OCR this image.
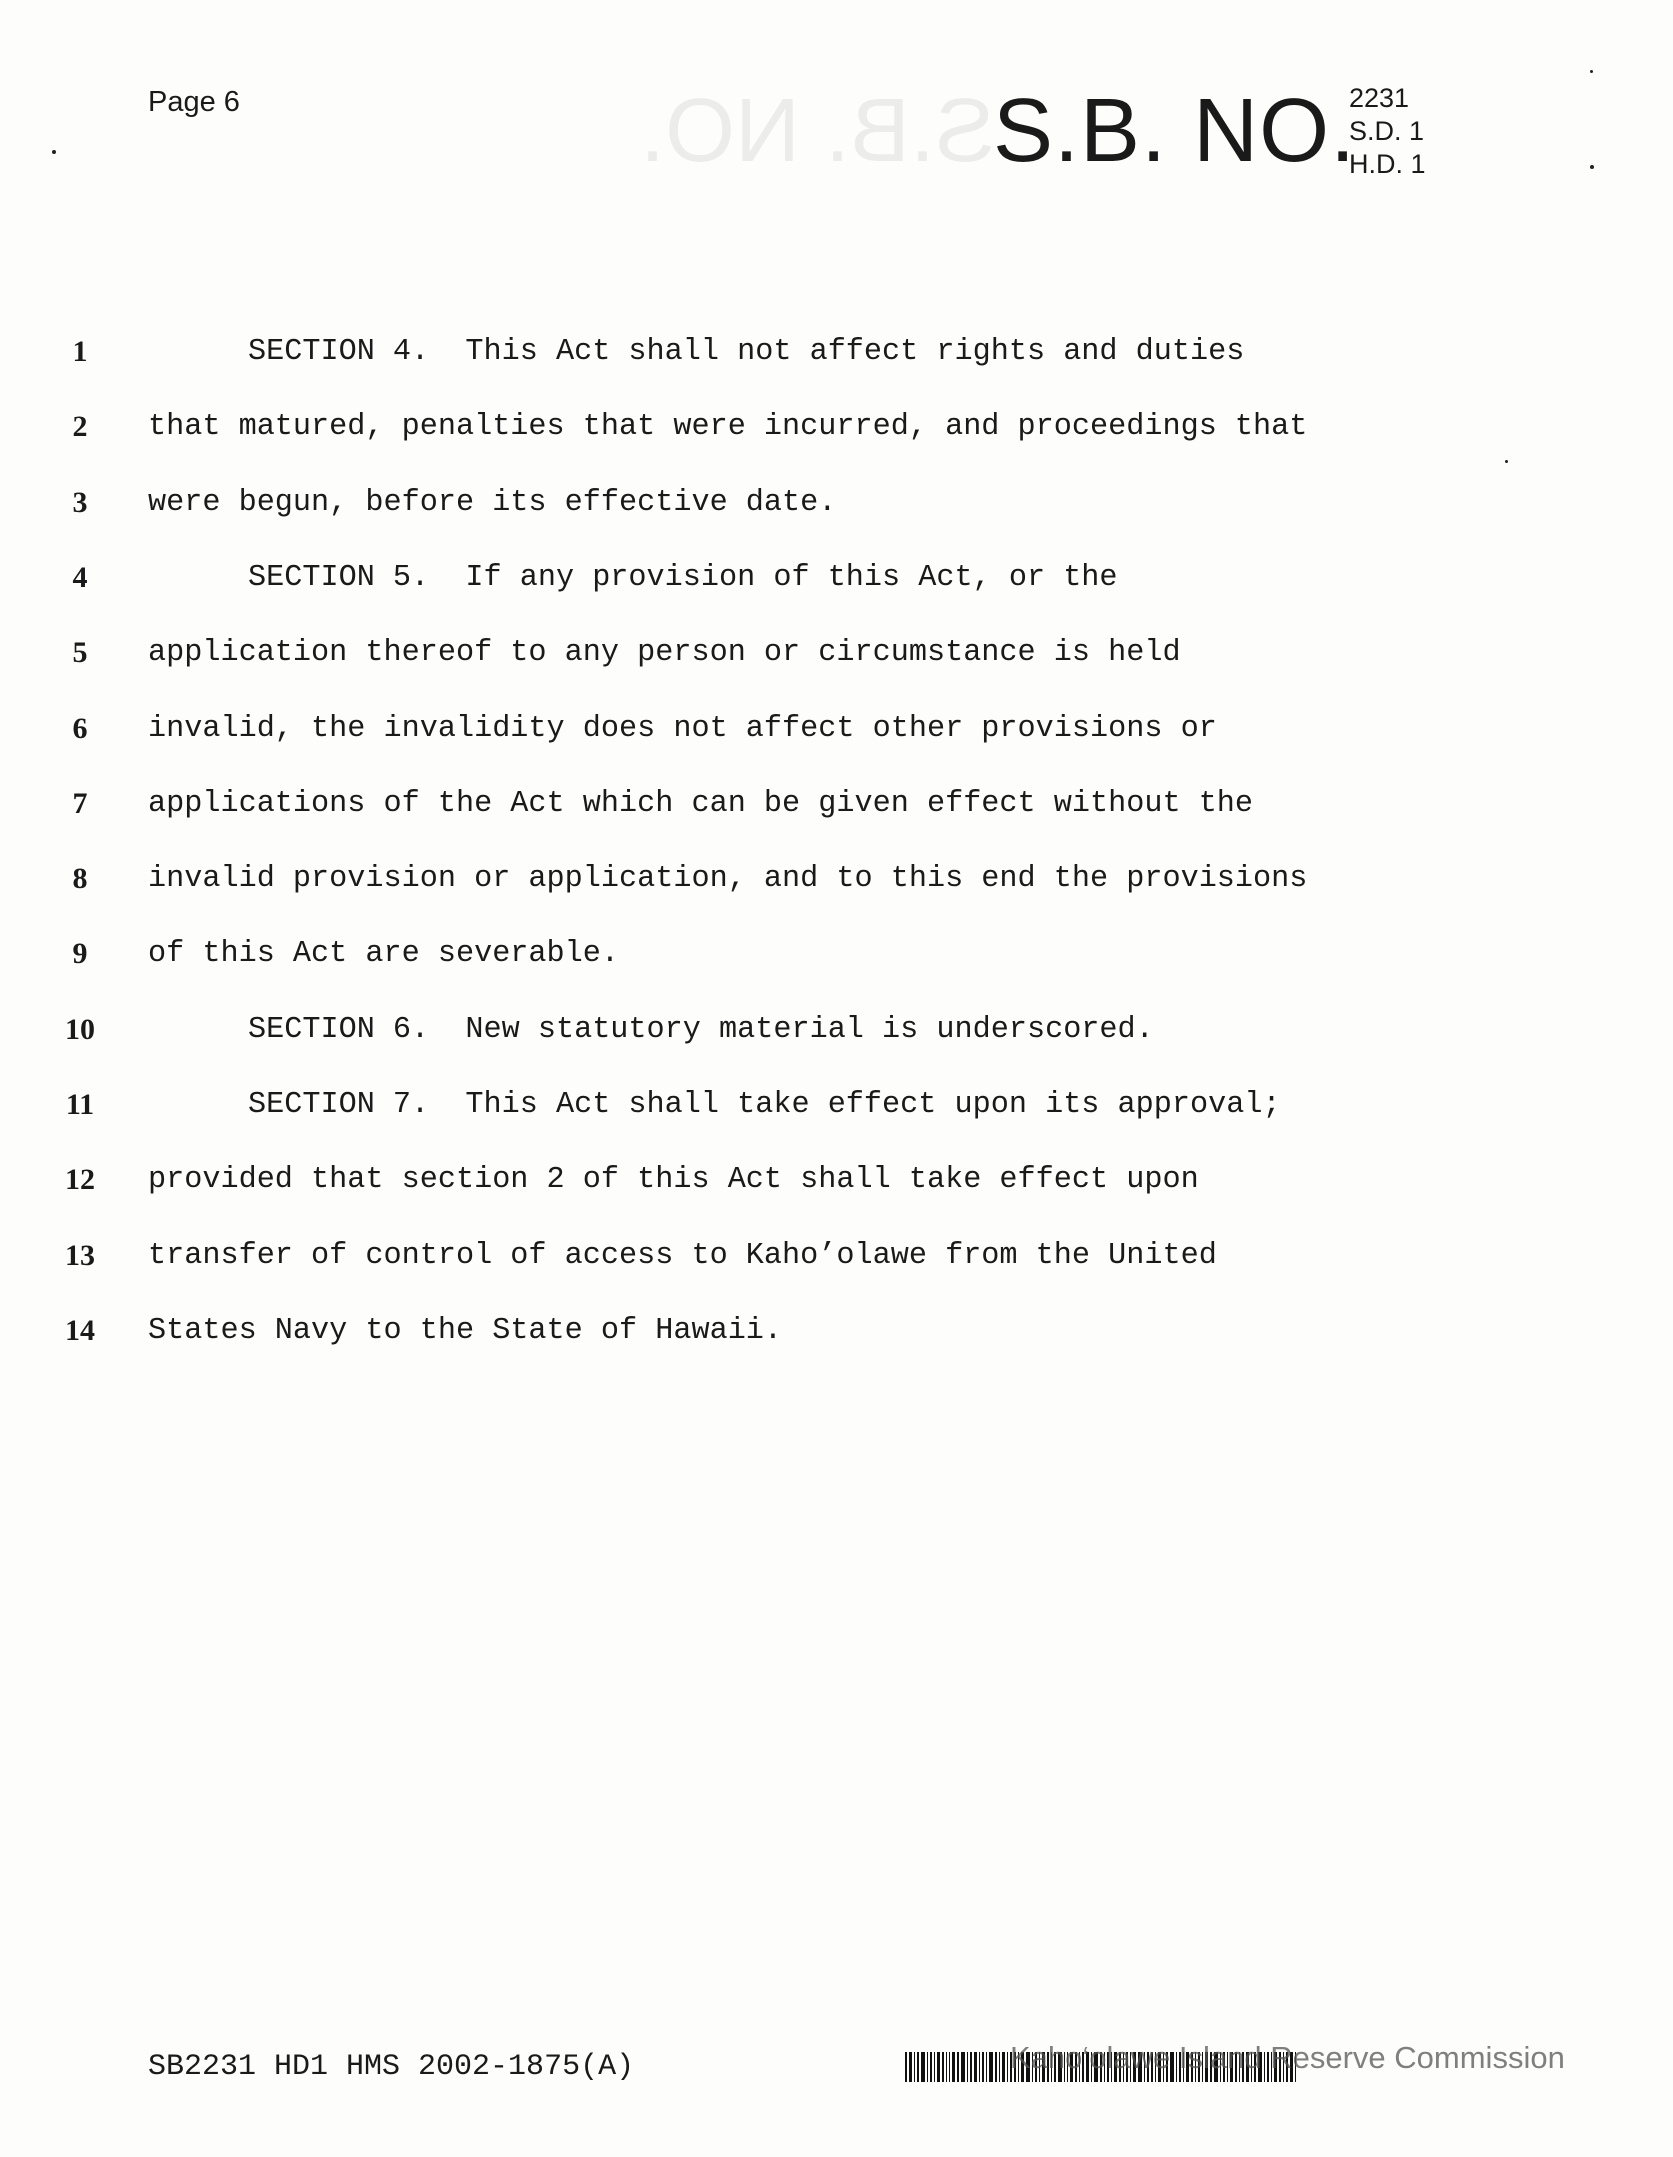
S.B. NO.
Page 6	S.B. NO.
2231
S.D. 1
H.D. 1
1	SECTION 4.  This Act shall not affect rights and duties
2	that matured, penalties that were incurred, and proceedings that
3	were begun, before its effective date.
4	SECTION 5.  If any provision of this Act, or the
5	application thereof to any person or circumstance is held
6	invalid, the invalidity does not affect other provisions or
7	applications of the Act which can be given effect without the
8	invalid provision or application, and to this end the provisions
9	of this Act are severable.
10	SECTION 6.  New statutory material is underscored.
11	SECTION 7.  This Act shall take effect upon its approval;
12	provided that section 2 of this Act shall take effect upon
13	transfer of control of access to Kaho’olawe from the United
14	States Navy to the State of Hawaii.
SB2231 HD1 HMS 2002-1875(A)	Kaho‘olawe Island Reserve Commission
